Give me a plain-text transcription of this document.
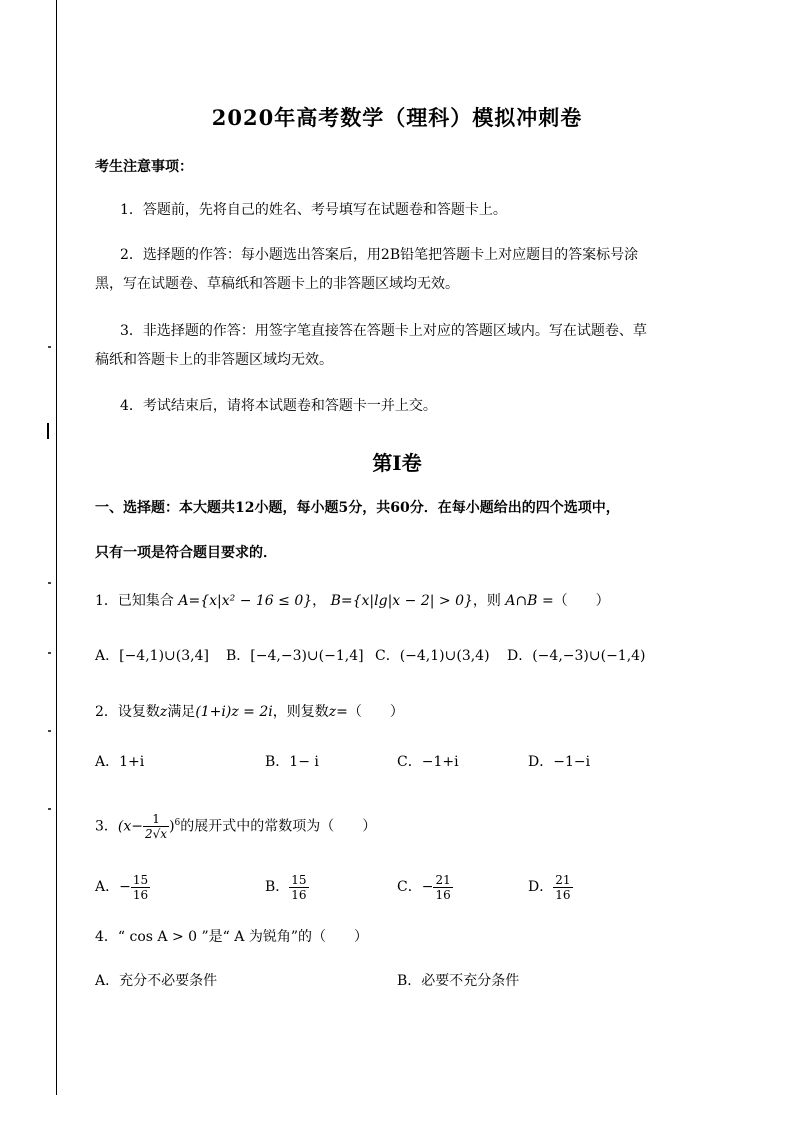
2020年高考数学（理科）模拟冲刺卷
考生注意事项：
1．答题前，先将自己的姓名、考号填写在试题卷和答题卡上。
2．选择题的作答：每小题选出答案后，用2B铅笔把答题卡上对应题目的答案标号涂
黑，写在试题卷、草稿纸和答题卡上的非答题区域均无效。
3．非选择题的作答：用签字笔直接答在答题卡上对应的答题区域内。写在试题卷、草
稿纸和答题卡上的非答题区域均无效。
4．考试结束后，请将本试题卷和答题卡一并上交。
第Ⅰ卷
一、选择题：本大题共12小题，每小题5分，共60分．在每小题给出的四个选项中，
只有一项是符合题目要求的．
1．已知集合 A={x|x² − 16 ≤ 0}， B={x|lg|x − 2| > 0}，则 A∩B =（　　）
A．[−4,1)∪(3,4] B．[−4,−3)∪(−1,4] C．(−4,1)∪(3,4) D．(−4,−3)∪(−1,4)
2．设复数z满足(1+i)z = 2i，则复数z=（　　）
A．1+i	B．1− i	C．−1+i	D．−1−i
3．$(x- \frac{1}{2√x} )^6$的展开式中的常数项为（　　）
A．− $\frac{15}{16}$	B． $\frac{15}{16}$	C．− $\frac{21}{16}$	D． $\frac{21}{16}$
4．“ cos A > 0 ”是“ A 为锐角”的（　　）
A．充分不必要条件	B．必要不充分条件
